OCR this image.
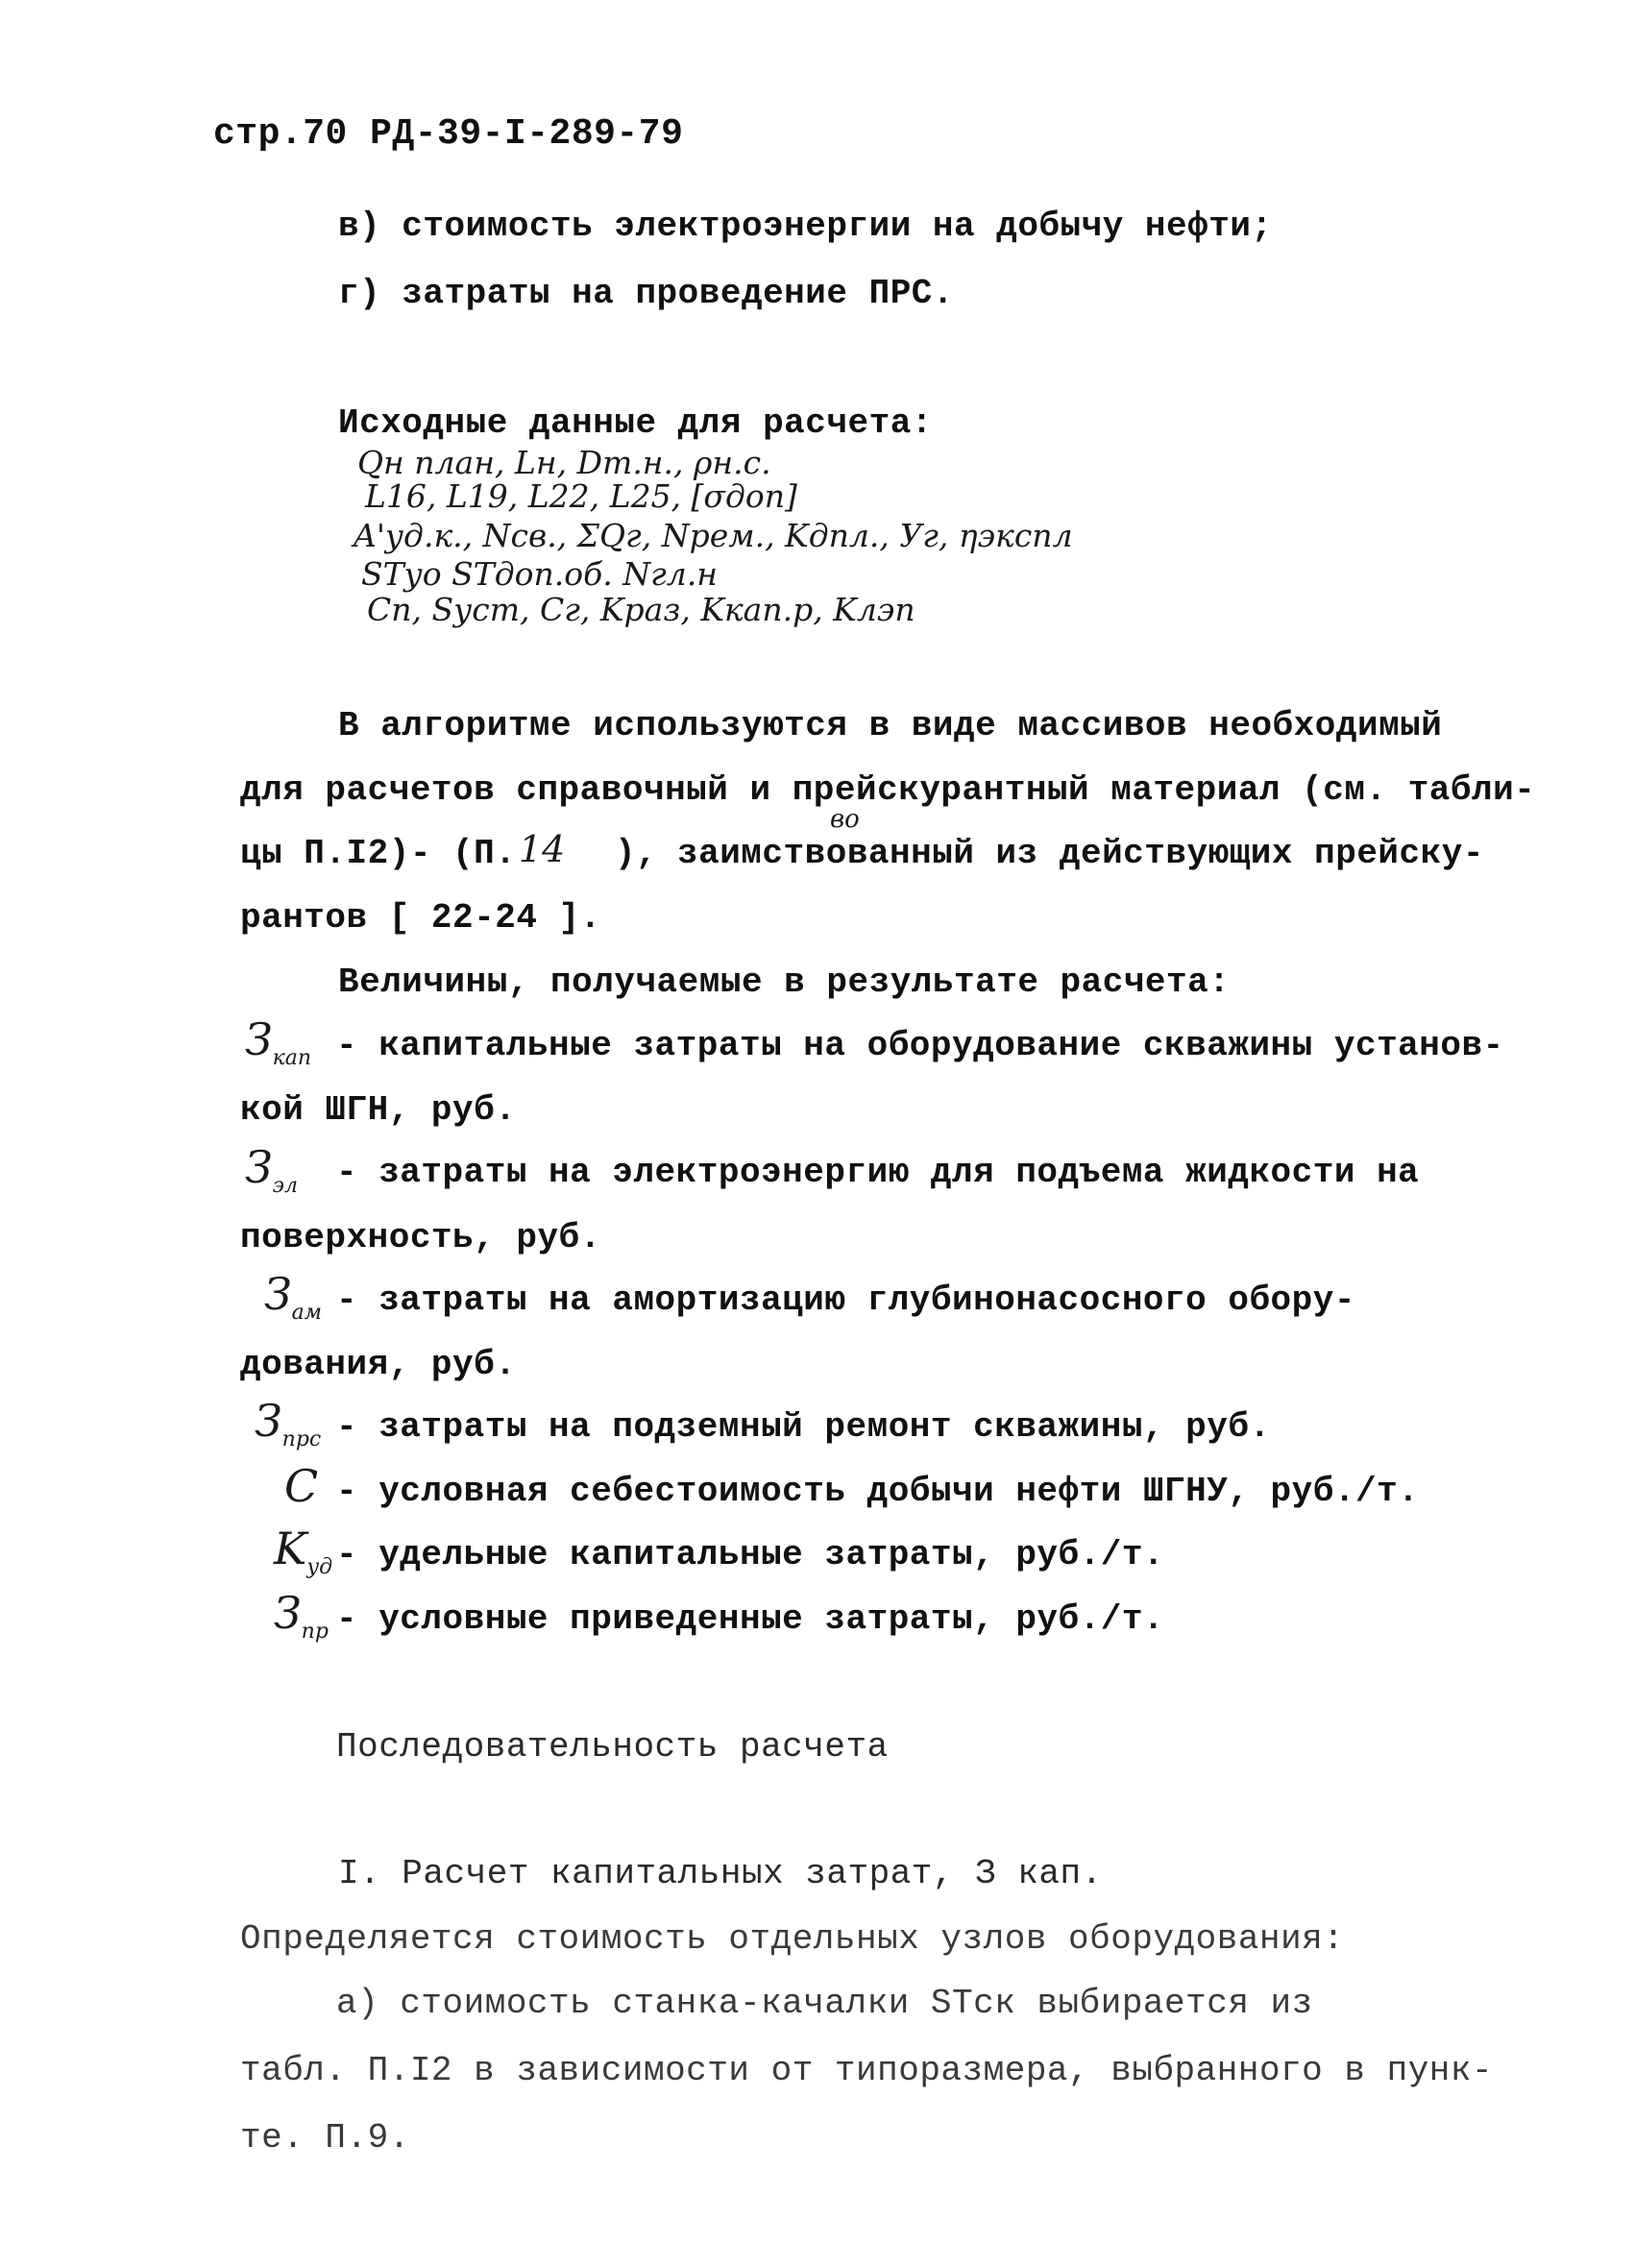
стр.70 РД-39-I-289-79
в) стоимость электроэнергии на добычу нефти;
г) затраты на проведение ПРС.
Исходные данные для расчета:
Qн план, Lн, Dт.н., ρн.с.
L16, L19, L22, L25, [σдоп]
A'уд.к., Nсв., ΣQг, Nрем., Kдпл., Уг, ηэкспл
STуо STдоп.об. Nгл.н
Cп, Sуст, Cг, Kраз, Kкап.р, Kлэп
В алгоритме используются в виде массивов необходимый
для расчетов справочный и прейскурантный материал (см. табли-
во
цы П.I2)- (П. 14 ), заимствованный из действующих прейску-
рантов [ 22-24 ].
Величины, получаемые в результате расчета:
$З_{кап}$ - капитальные затраты на оборудование скважины установ-
кой ШГН, руб.
$З_{эл}$ - затраты на электроэнергию для подъема жидкости на
поверхность, руб.
$З_{ам}$ - затраты на амортизацию глубинонасосного обору-
дования, руб.
$З_{прс}$ - затраты на подземный ремонт скважины, руб.
C - условная себестоимость добычи нефти ШГНУ, руб./т.
$K_{уд}$ - удельные капитальные затраты, руб./т.
$З_{пр}$ - условные приведенные затраты, руб./т.
Последовательность расчета
I. Расчет капитальных затрат, З кап.
Определяется стоимость отдельных узлов оборудования:
а) стоимость станка-качалки STск выбирается из
табл. П.I2 в зависимости от типоразмера, выбранного в пунк-
те. П.9.
